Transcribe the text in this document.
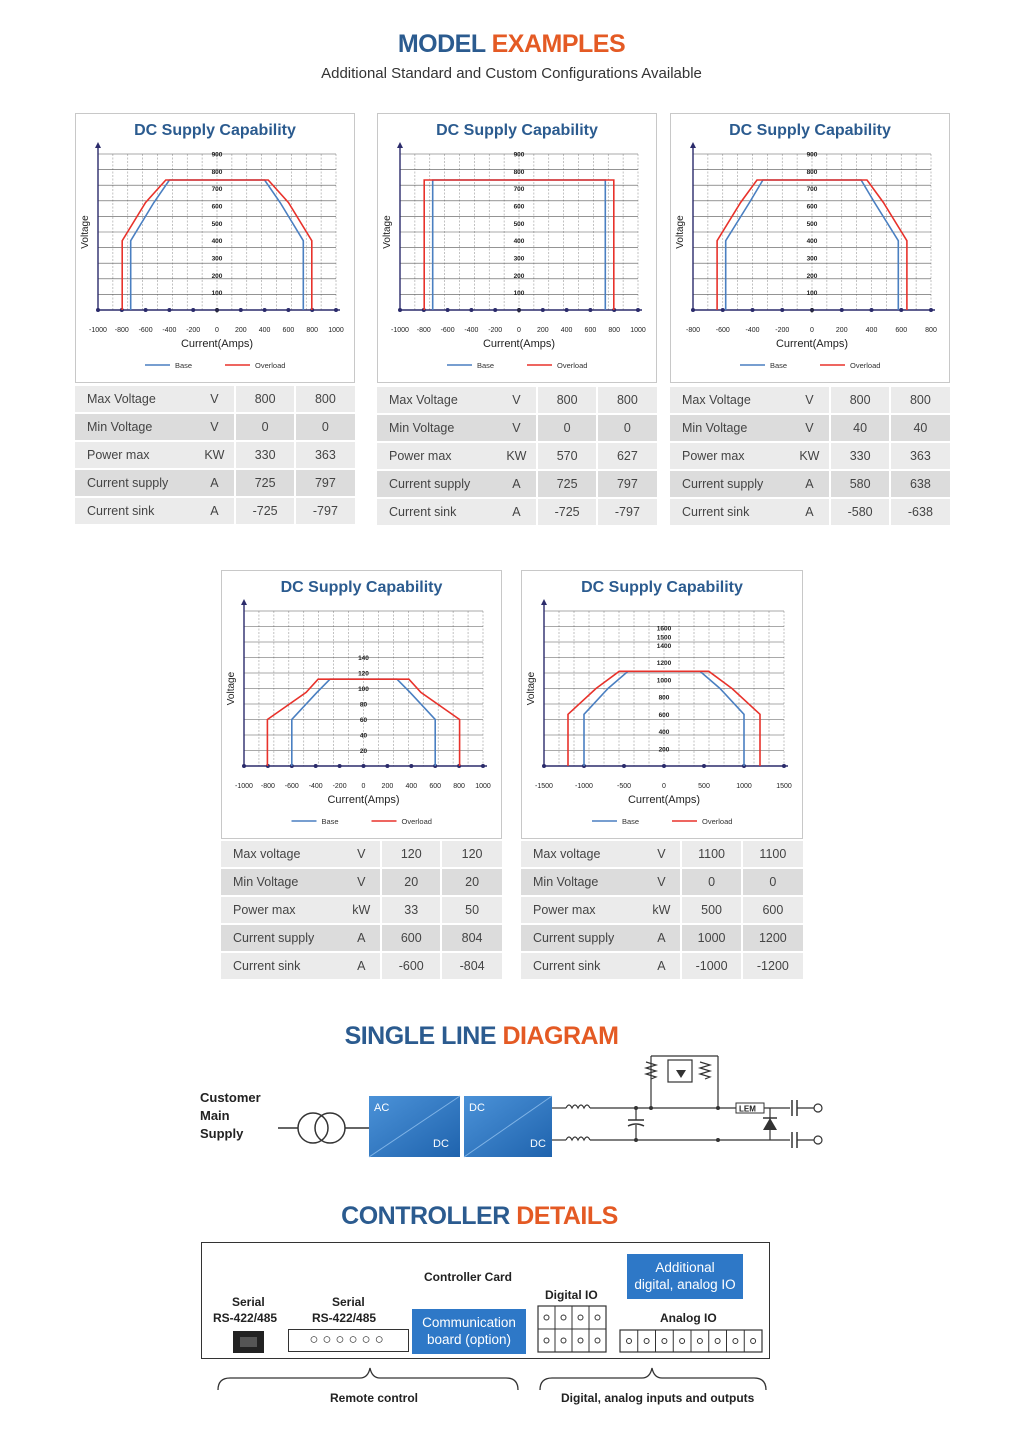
MODEL EXAMPLES
Additional Standard and Custom Configurations Available
DC Supply Capability
-1000 -800 -600 -400 -200 0 200 400 600 800 1000
0
100
200
300
400
500
600
700
800
900
Current(Amps)
Voltage
Base	Overload
DC Supply Capability
-1000 -800 -600 -400 -200 0 200 400 600 800 1000
0
100
200
300
400
500
600
700
800
900
Current(Amps)
Voltage
Base	Overload
DC Supply Capability
-800 -600 -400 -200	0	200	400	600	800
0
100
200
300
400
500
600
700
800
900
Current(Amps)
Voltage
Base	Overload
DC Supply Capability
-1000 -800 -600 -400 -200 0 200 400 600 800 1000
20
40
60
80
100
120
140
Current(Amps)
Voltage
Base	Overload
DC Supply Capability
-1500	-1000	-500	0	500	1000	1500
200
400
600
800
1000
1200
1400
1500
1600
Current(Amps)
Voltage
Base	Overload
Max Voltage	V	800	800
Min Voltage	V	0	0
Power max	KW	330	363
Current supply	A	725	797
Current sink	A	-725	-797
Max Voltage	V	800	800
Min Voltage	V	0	0
Power max	KW	570	627
Current supply	A	725	797
Current sink	A	-725	-797
Max Voltage	V	800	800
Min Voltage	V	40	40
Power max	KW	330	363
Current supply	A	580	638
Current sink	A	-580	-638
Max voltage	V	120	120
Min Voltage	V	20	20
Power max	kW	33	50
Current supply	A	600	804
Current sink	A	-600	-804
Max voltage	V	1100	1100
Min Voltage	V	0	0
Power max	kW	500	600
Current supply	A	1000	1200
Current sink	A	-1000	-1200
SINGLE LINE DIAGRAM
Customer
Main
Supply
AC
DC
DC
DC
LEM
CONTROLLER DETAILS
Controller Card
Serial
RS-422/485
Serial
RS-422/485
Digital IO
Analog IO
○○○○○○
Communication
board (option)
Additional
digital, analog IO
Remote control	Digital, analog inputs and outputs
